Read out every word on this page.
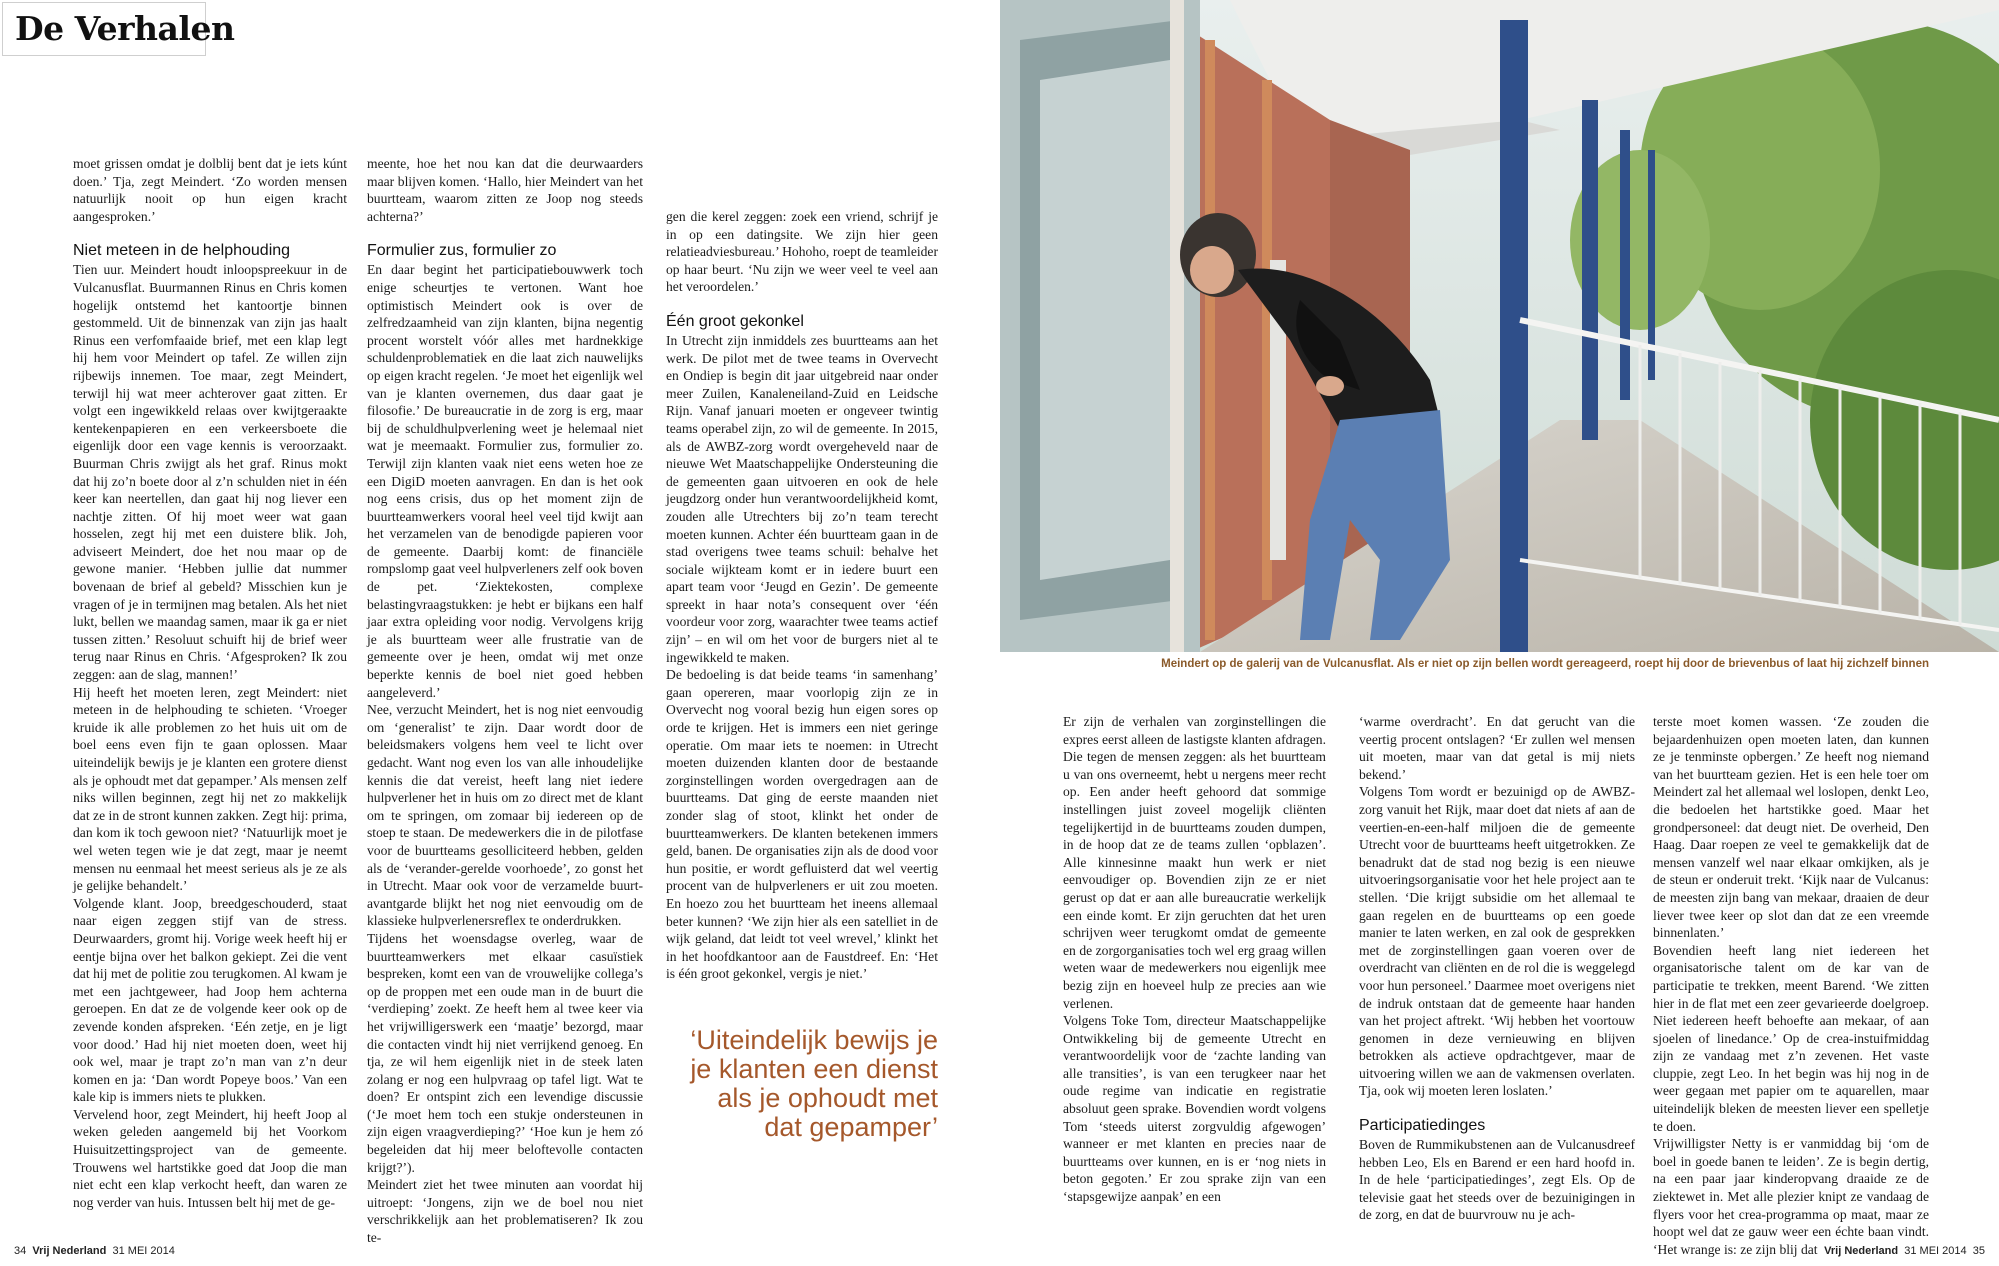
De Verhalen

moet grissen omdat je dolblij bent dat je iets kúnt doen.’ Tja, zegt Meindert. ‘Zo worden mensen natuurlijk nooit op hun eigen kracht aangesproken.’

Niet meteen in de helphouding

Tien uur. Meindert houdt inloopspreekuur in de Vulcanusflat. Buurmannen Rinus en Chris komen hogelijk ontstemd het kantoortje binnen gestommeld. Uit de binnenzak van zijn jas haalt Rinus een verfomfaaide brief, met een klap legt hij hem voor Meindert op tafel. Ze willen zijn rijbewijs innemen. Toe maar, zegt Meindert, terwijl hij wat meer achterover gaat zitten. Er volgt een ingewikkeld relaas over kwijtgeraakte kentekenpapieren en een verkeersboete die eigenlijk door een vage kennis is veroorzaakt. Buurman Chris zwijgt als het graf. Rinus mokt dat hij zo’n boete door al z’n schulden niet in één keer kan neertellen, dan gaat hij nog liever een nachtje zitten. Of hij moet weer wat gaan hosselen, zegt hij met een duistere blik. Joh, adviseert Meindert, doe het nou maar op de gewone manier. ‘Hebben jullie dat nummer bovenaan de brief al gebeld? Misschien kun je vragen of je in termijnen mag betalen. Als het niet lukt, bellen we maandag samen, maar ik ga er niet tussen zitten.’ Resoluut schuift hij de brief weer terug naar Rinus en Chris. ‘Afgesproken? Ik zou zeggen: aan de slag, mannen!’

Hij heeft het moeten leren, zegt Meindert: niet meteen in de helphouding te schieten. ‘Vroeger kruide ik alle problemen zo het huis uit om de boel eens even fijn te gaan oplossen. Maar uiteindelijk bewijs je je klanten een grotere dienst als je ophoudt met dat gepamper.’ Als mensen zelf niks willen beginnen, zegt hij net zo makkelijk dat ze in de stront kunnen zakken. Zegt hij: prima, dan kom ik toch gewoon niet? ‘Natuurlijk moet je wel weten tegen wie je dat zegt, maar je neemt mensen nu eenmaal het meest serieus als je ze als je gelijke behandelt.’

Volgende klant. Joop, breedgeschouderd, staat naar eigen zeggen stijf van de stress. Deurwaarders, gromt hij. Vorige week heeft hij er eentje bijna over het balkon gekiept. Zei die vent dat hij met de politie zou terugkomen. Al kwam je met een jachtgeweer, had Joop hem achterna geroepen. En dat ze de volgende keer ook op de zevende konden afspreken. ‘Eén zetje, en je ligt voor dood.’ Had hij niet moeten doen, weet hij ook wel, maar je trapt zo’n man van z’n deur komen en ja: ‘Dan wordt Popeye boos.’ Van een kale kip is immers niets te plukken.

Vervelend hoor, zegt Meindert, hij heeft Joop al weken geleden aangemeld bij het Voorkom Huisuitzettingsproject van de gemeente. Trouwens wel hartstikke goed dat Joop die man niet echt een klap verkocht heeft, dan waren ze nog verder van huis. Intussen belt hij met de ge-

meente, hoe het nou kan dat die deurwaarders maar blijven komen. ‘Hallo, hier Meindert van het buurtteam, waarom zitten ze Joop nog steeds achterna?’

Formulier zus, formulier zo

En daar begint het participatiebouwwerk toch enige scheurtjes te vertonen. Want hoe optimistisch Meindert ook is over de zelfredzaamheid van zijn klanten, bijna negentig procent worstelt vóór alles met hardnekkige schuldenproblematiek en die laat zich nauwelijks op eigen kracht regelen. ‘Je moet het eigenlijk wel van je klanten overnemen, dus daar gaat je filosofie.’ De bureaucratie in de zorg is erg, maar bij de schuldhulpverlening weet je helemaal niet wat je meemaakt. Formulier zus, formulier zo. Terwijl zijn klanten vaak niet eens weten hoe ze een DigiD moeten aanvragen. En dan is het ook nog eens crisis, dus op het moment zijn de buurtteamwerkers vooral heel veel tijd kwijt aan het verzamelen van de benodigde papieren voor de gemeente. Daarbij komt: de financiële rompslomp gaat veel hulpverleners zelf ook boven de pet. ‘Ziektekosten, complexe belastingvraagstukken: je hebt er bijkans een half jaar extra opleiding voor nodig. Vervolgens krijg je als buurtteam weer alle frustratie van de gemeente over je heen, omdat wij met onze beperkte kennis de boel niet goed hebben aangeleverd.’

Nee, verzucht Meindert, het is nog niet eenvoudig om ‘generalist’ te zijn. Daar wordt door de beleidsmakers volgens hem veel te licht over gedacht. Want nog even los van alle inhoudelijke kennis die dat vereist, heeft lang niet iedere hulpverlener het in huis om zo direct met de klant om te springen, om zomaar bij iedereen op de stoep te staan. De medewerkers die in de pilotfase voor de buurtteams gesolliciteerd hebben, gelden als de ‘verander-gerelde voorhoede’, zo gonst het in Utrecht. Maar ook voor de verzamelde buurt-avantgarde blijkt het nog niet eenvoudig om de klassieke hulpverlenersreflex te onderdrukken.

Tijdens het woensdagse overleg, waar de buurtteamwerkers met elkaar casuïstiek bespreken, komt een van de vrouwelijke collega’s op de proppen met een oude man in de buurt die ‘verdieping’ zoekt. Ze heeft hem al twee keer via het vrijwilligerswerk een ‘maatje’ bezorgd, maar die contacten vindt hij niet verrijkend genoeg. En tja, ze wil hem eigenlijk niet in de steek laten zolang er nog een hulpvraag op tafel ligt. Wat te doen? Er ontspint zich een levendige discussie (‘Je moet hem toch een stukje ondersteunen in zijn eigen vraagverdieping?’ ‘Hoe kun je hem zó begeleiden dat hij meer beloftevolle contacten krijgt?’).

Meindert ziet het twee minuten aan voordat hij uitroept: ‘Jongens, zijn we de boel nou niet verschrikkelijk aan het problematiseren? Ik zou te-

gen die kerel zeggen: zoek een vriend, schrijf je in op een datingsite. We zijn hier geen relatieadviesbureau.’ Hohoho, roept de teamleider op haar beurt. ‘Nu zijn we weer veel te veel aan het veroordelen.’

Één groot gekonkel

In Utrecht zijn inmiddels zes buurtteams aan het werk. De pilot met de twee teams in Overvecht en Ondiep is begin dit jaar uitgebreid naar onder meer Zuilen, Kanaleneiland-Zuid en Leidsche Rijn. Vanaf januari moeten er ongeveer twintig teams operabel zijn, zo wil de gemeente. In 2015, als de AWBZ-zorg wordt overgeheveld naar de nieuwe Wet Maatschappelijke Ondersteuning die de gemeenten gaan uitvoeren en ook de hele jeugdzorg onder hun verantwoordelijkheid komt, zouden alle Utrechters bij zo’n team terecht moeten kunnen. Achter één buurtteam gaan in de stad overigens twee teams schuil: behalve het sociale wijkteam komt er in iedere buurt een apart team voor ‘Jeugd en Gezin’. De gemeente spreekt in haar nota’s consequent over ‘één voordeur voor zorg, waarachter twee teams actief zijn’ – en wil om het voor de burgers niet al te ingewikkeld te maken.

De bedoeling is dat beide teams ‘in samenhang’ gaan opereren, maar voorlopig zijn ze in Overvecht nog vooral bezig hun eigen sores op orde te krijgen. Het is immers een niet geringe operatie. Om maar iets te noemen: in Utrecht moeten duizenden klanten door de bestaande zorginstellingen worden overgedragen aan de buurtteams. Dat ging de eerste maanden niet zonder slag of stoot, klinkt het onder de buurtteamwerkers. De klanten betekenen immers geld, banen. De organisaties zijn als de dood voor hun positie, er wordt gefluisterd dat wel veertig procent van de hulpverleners er uit zou moeten. En hoezo zou het buurtteam het ineens allemaal beter kunnen? ‘We zijn hier als een satelliet in de wijk geland, dat leidt tot veel wrevel,’ klinkt het in het hoofdkantoor aan de Faustdreef. En: ‘Het is één groot gekonkel, vergis je niet.’

‘Uiteindelijk bewijs je
je klanten een dienst
als je ophoudt met
dat gepamper’
Meindert op de galerij van de Vulcanusflat. Als er niet op zijn bellen wordt gereageerd, roept hij door de brievenbus of laat hij zichzelf binnen

Er zijn de verhalen van zorginstellingen die expres eerst alleen de lastigste klanten afdragen. Die tegen de mensen zeggen: als het buurtteam u van ons overneemt, hebt u nergens meer recht op. Een ander heeft gehoord dat sommige instellingen juist zoveel mogelijk cliënten tegelijkertijd in de buurtteams zouden dumpen, in de hoop dat ze de teams zullen ‘opblazen’. Alle kinnesinne maakt hun werk er niet eenvoudiger op. Bovendien zijn ze er niet gerust op dat er aan alle bureaucratie werkelijk een einde komt. Er zijn geruchten dat het uren schrijven weer terugkomt omdat de gemeente en de zorgorganisaties toch wel erg graag willen weten waar de medewerkers nou eigenlijk mee bezig zijn en hoeveel hulp ze precies aan wie verlenen.

Volgens Toke Tom, directeur Maatschappelijke Ontwikkeling bij de gemeente Utrecht en verantwoordelijk voor de ‘zachte landing van alle transities’, is van een terugkeer naar het oude regime van indicatie en registratie absoluut geen sprake. Bovendien wordt volgens Tom ‘steeds uiterst zorgvuldig afgewogen’ wanneer er met klanten en precies naar de buurtteams over kunnen, en is er ‘nog niets in beton gegoten.’ Er zou sprake zijn van een ‘stapsgewijze aanpak’ en een

‘warme overdracht’. En dat gerucht van die veertig procent ontslagen? ‘Er zullen wel mensen uit moeten, maar van dat getal is mij niets bekend.’

Volgens Tom wordt er bezuinigd op de AWBZ-zorg vanuit het Rijk, maar doet dat niets af aan de veertien-en-een-half miljoen die de gemeente Utrecht voor de buurtteams heeft uitgetrokken. Ze benadrukt dat de stad nog bezig is een nieuwe uitvoeringsorganisatie voor het hele project aan te stellen. ‘Die krijgt subsidie om het allemaal te gaan regelen en de buurtteams op een goede manier te laten werken, en zal ook de gesprekken met de zorginstellingen gaan voeren over de overdracht van cliënten en de rol die is weggelegd voor hun personeel.’ Daarmee moet overigens niet de indruk ontstaan dat de gemeente haar handen van het project aftrekt. ‘Wij hebben het voortouw genomen in deze vernieuwing en blijven betrokken als actieve opdrachtgever, maar de uitvoering willen we aan de vakmensen overlaten. Tja, ook wij moeten leren loslaten.’

Participatiedinges

Boven de Rummikubstenen aan de Vulcanusdreef hebben Leo, Els en Barend er een hard hoofd in. In de hele ‘participatiedinges’, zegt Els. Op de televisie gaat het steeds over de bezuinigingen in de zorg, en dat de buurvrouw nu je ach-

terste moet komen wassen. ‘Ze zouden die bejaardenhuizen open moeten laten, dan kunnen ze je tenminste opbergen.’ Ze heeft nog niemand van het buurtteam gezien. Het is een hele toer om Meindert zal het allemaal wel loslopen, denkt Leo, die bedoelen het hartstikke goed. Maar het grondpersoneel: dat deugt niet. De overheid, Den Haag. Daar roepen ze veel te gemakkelijk dat de mensen vanzelf wel naar elkaar omkijken, als je de steun er onderuit trekt. ‘Kijk naar de Vulcanus: de meesten zijn bang van mekaar, draaien de deur liever twee keer op slot dan dat ze een vreemde binnenlaten.’

Bovendien heeft lang niet iedereen het organisatorische talent om de kar van de participatie te trekken, meent Barend. ‘We zitten hier in de flat met een zeer gevarieerde doelgroep. Niet iedereen heeft behoefte aan mekaar, of aan sjoelen of linedance.’ Op de crea-instuifmiddag zijn ze vandaag met z’n zevenen. Het vaste cluppie, zegt Leo. In het begin was hij nog in de weer gegaan met papier om te aquarellen, maar uiteindelijk bleken de meesten liever een spelletje te doen.

Vrijwilligster Netty is er vanmiddag bij ‘om de boel in goede banen te leiden’. Ze is begin dertig, na een paar jaar kinderopvang draaide ze de ziektewet in. Met alle plezier knipt ze vandaag de flyers voor het crea-programma op maat, maar ze hoopt wel dat ze gauw weer een échte baan vindt. ‘Het wrange is: ze zijn blij dat

34 Vrij Nederland 31 MEI 2014	Vrij Nederland 31 MEI 2014 35
